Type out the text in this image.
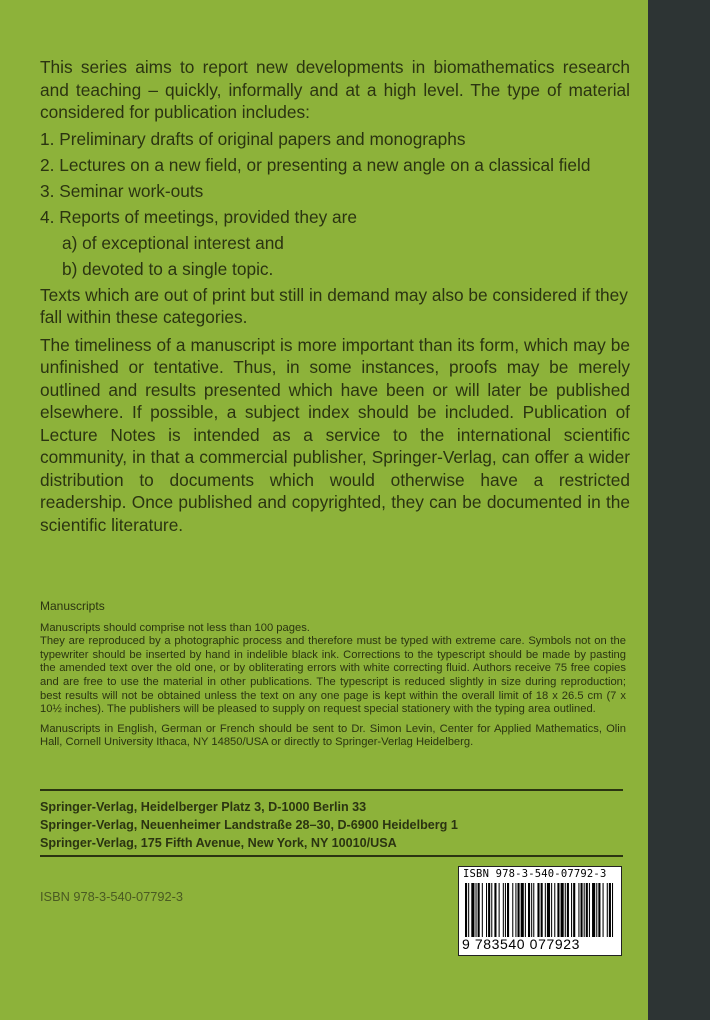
This series aims to report new developments in biomathematics research and teaching – quickly, informally and at a high level. The type of material considered for publication includes:

1. Preliminary drafts of original papers and monographs
2. Lectures on a new field, or presenting a new angle on a classical field
3. Seminar work-outs
4. Reports of meetings, provided they are
a) of exceptional interest and
b) devoted to a single topic.

Texts which are out of print but still in demand may also be considered if they fall within these categories.

The timeliness of a manuscript is more important than its form, which may be unfinished or tentative. Thus, in some instances, proofs may be merely outlined and results presented which have been or will later be published elsewhere. If possible, a subject index should be included. Publication of Lecture Notes is intended as a service to the international scientific community, in that a commercial publisher, Springer-Verlag, can offer a wider distribution to documents which would otherwise have a restricted readership. Once published and copyrighted, they can be documented in the scientific literature.

Manuscripts

Manuscripts should comprise not less than 100 pages.

They are reproduced by a photographic process and therefore must be typed with extreme care. Symbols not on the typewriter should be inserted by hand in indelible black ink. Corrections to the typescript should be made by pasting the amended text over the old one, or by obliterating errors with white correcting fluid. Authors receive 75 free copies and are free to use the material in other publications. The typescript is reduced slightly in size during reproduction; best results will not be obtained unless the text on any one page is kept within the overall limit of 18 x 26.5 cm (7 x 10½ inches). The publishers will be pleased to supply on request special stationery with the typing area outlined.

Manuscripts in English, German or French should be sent to Dr. Simon Levin, Center for Applied Mathematics, Olin Hall, Cornell University Ithaca, NY 14850/USA or directly to Springer-Verlag Heidelberg.

Springer-Verlag, Heidelberger Platz 3, D-1000 Berlin 33
Springer-Verlag, Neuenheimer Landstraße 28–30, D-6900 Heidelberg 1
Springer-Verlag, 175 Fifth Avenue, New York, NY 10010/USA
ISBN 978-3-540-07792-3
ISBN 978-3-540-07792-3
9 783540 077923
